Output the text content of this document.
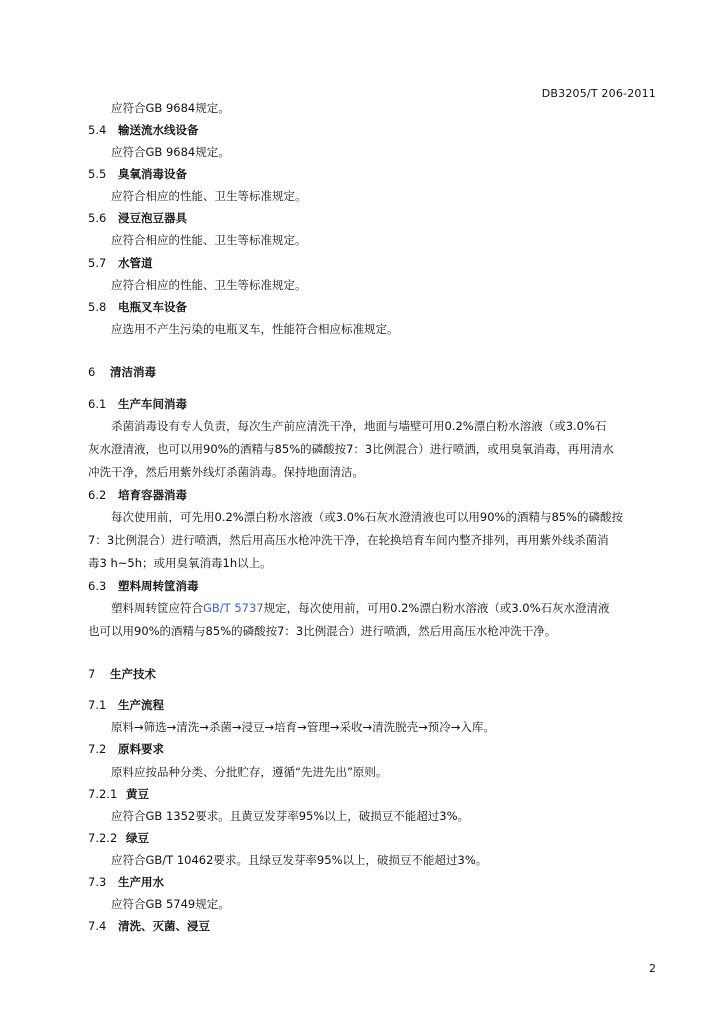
DB3205/T 206-2011
应符合GB 9684规定。
5.4 输送流水线设备
应符合GB 9684规定。
5.5 臭氧消毒设备
应符合相应的性能、卫生等标准规定。
5.6 浸豆泡豆器具
应符合相应的性能、卫生等标准规定。
5.7 水管道
应符合相应的性能、卫生等标准规定。
5.8 电瓶叉车设备
应选用不产生污染的电瓶叉车，性能符合相应标准规定。
6 清洁消毒
6.1 生产车间消毒
杀菌消毒设有专人负责，每次生产前应清洗干净，地面与墙壁可用0.2%漂白粉水溶液（或3.0%石
灰水澄清液，也可以用90%的酒精与85%的磷酸按7：3比例混合）进行喷洒，或用臭氧消毒，再用清水
冲洗干净，然后用紫外线灯杀菌消毒。保持地面清洁。
6.2 培育容器消毒
每次使用前，可先用0.2%漂白粉水溶液（或3.0%石灰水澄清液也可以用90%的酒精与85%的磷酸按
7：3比例混合）进行喷洒，然后用高压水枪冲洗干净，在轮换培育车间内整齐排列，再用紫外线杀菌消
毒3 h~5h；或用臭氧消毒1h以上。
6.3 塑料周转筐消毒
塑料周转筐应符合GB/T 5737规定，每次使用前，可用0.2%漂白粉水溶液（或3.0%石灰水澄清液
也可以用90%的酒精与85%的磷酸按7：3比例混合）进行喷洒，然后用高压水枪冲洗干净。
7 生产技术
7.1 生产流程
原料→筛选→清洗→杀菌→浸豆→培育→管理→采收→清洗脱壳→预冷→入库。
7.2 原料要求
原料应按品种分类、分批贮存，遵循“先进先出”原则。
7.2.1 黄豆
应符合GB 1352要求。且黄豆发芽率95%以上，破损豆不能超过3%。
7.2.2 绿豆
应符合GB/T 10462要求。且绿豆发芽率95%以上，破损豆不能超过3%。
7.3 生产用水
应符合GB 5749规定。
7.4 清洗、灭菌、浸豆
2
